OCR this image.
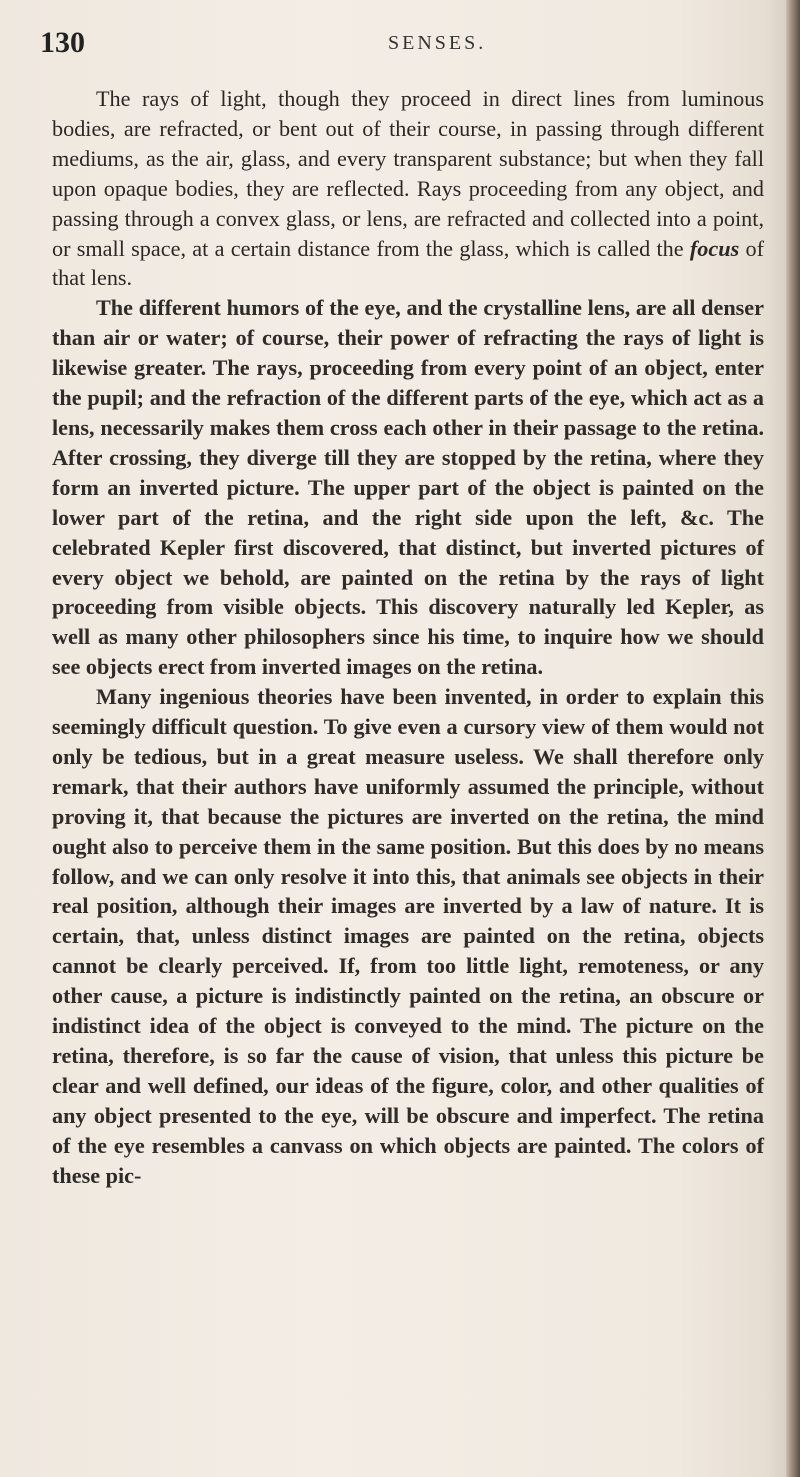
130	SENSES.

The rays of light, though they proceed in direct lines from luminous bodies, are refracted, or bent out of their course, in passing through different mediums, as the air, glass, and every transparent substance; but when they fall upon opaque bodies, they are reflected. Rays proceeding from any object, and passing through a convex glass, or lens, are refracted and collected into a point, or small space, at a certain distance from the glass, which is called the focus of that lens.

The different humors of the eye, and the crystalline lens, are all denser than air or water; of course, their power of refracting the rays of light is likewise greater. The rays, proceeding from every point of an object, enter the pupil; and the refraction of the different parts of the eye, which act as a lens, necessarily makes them cross each other in their passage to the retina. After crossing, they diverge till they are stopped by the retina, where they form an inverted picture. The upper part of the object is painted on the lower part of the retina, and the right side upon the left, &c. The celebrated Kepler first discovered, that distinct, but inverted pictures of every object we behold, are painted on the retina by the rays of light proceeding from visible objects. This discovery naturally led Kepler, as well as many other philosophers since his time, to inquire how we should see objects erect from inverted images on the retina.

Many ingenious theories have been invented, in order to explain this seemingly difficult question. To give even a cursory view of them would not only be tedious, but in a great measure useless. We shall therefore only remark, that their authors have uniformly assumed the principle, without proving it, that because the pictures are inverted on the retina, the mind ought also to perceive them in the same position. But this does by no means follow, and we can only resolve it into this, that animals see objects in their real position, although their images are inverted by a law of nature. It is certain, that, unless distinct images are painted on the retina, objects cannot be clearly perceived. If, from too little light, remoteness, or any other cause, a picture is indistinctly painted on the retina, an obscure or indistinct idea of the object is conveyed to the mind. The picture on the retina, therefore, is so far the cause of vision, that unless this picture be clear and well defined, our ideas of the figure, color, and other qualities of any object presented to the eye, will be obscure and imperfect. The retina of the eye resembles a canvass on which objects are painted. The colors of these pic-
